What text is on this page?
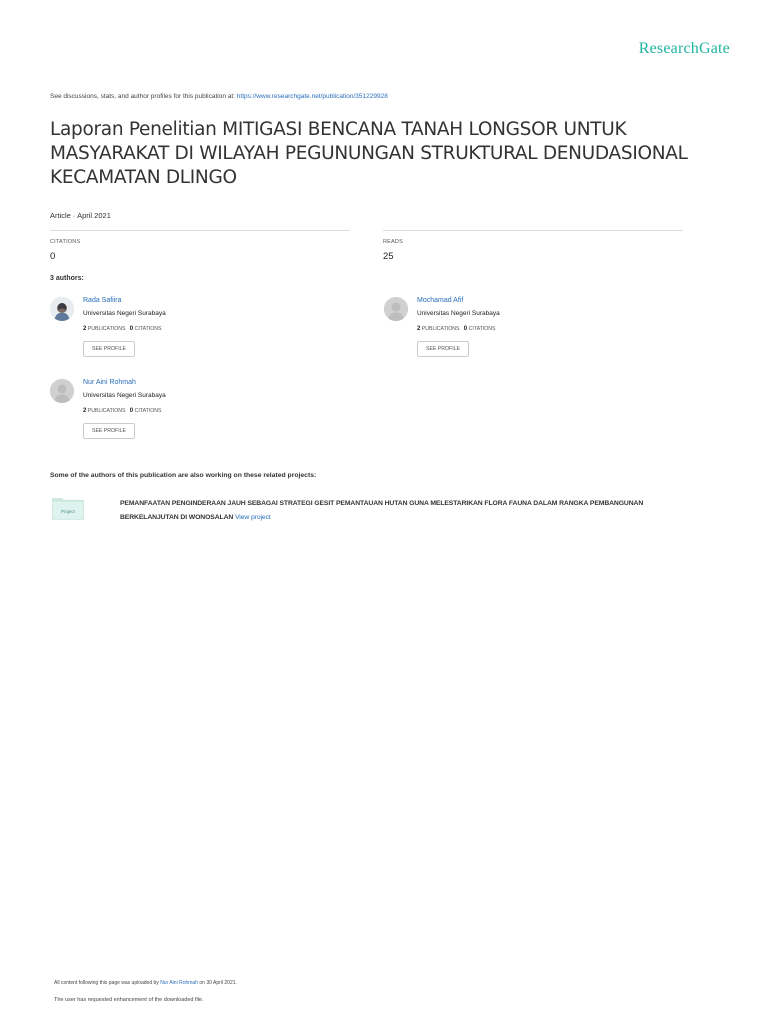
ResearchGate
See discussions, stats, and author profiles for this publication at: https://www.researchgate.net/publication/351229928
Laporan Penelitian MITIGASI BENCANA TANAH LONGSOR UNTUK MASYARAKAT DI WILAYAH PEGUNUNGAN STRUKTURAL DENUDASIONAL KECAMATAN DLINGO
Article · April 2021
CITATIONS
0
READS
25
3 authors:
Rada Safiira
Universitas Negeri Surabaya
2 PUBLICATIONS 0 CITATIONS
SEE PROFILE
Mochamad Afif
Universitas Negeri Surabaya
2 PUBLICATIONS 0 CITATIONS
SEE PROFILE
Nur Aini Rohmah
Universitas Negeri Surabaya
2 PUBLICATIONS 0 CITATIONS
SEE PROFILE
Some of the authors of this publication are also working on these related projects:
Project
PEMANFAATAN PENGINDERAAN JAUH SEBAGAI STRATEGI GESIT PEMANTAUAN HUTAN GUNA MELESTARIKAN FLORA FAUNA DALAM RANGKA PEMBANGUNAN BERKELANJUTAN DI WONOSALAN View project
All content following this page was uploaded by Nur Aini Rohmah on 30 April 2021.
The user has requested enhancement of the downloaded file.
